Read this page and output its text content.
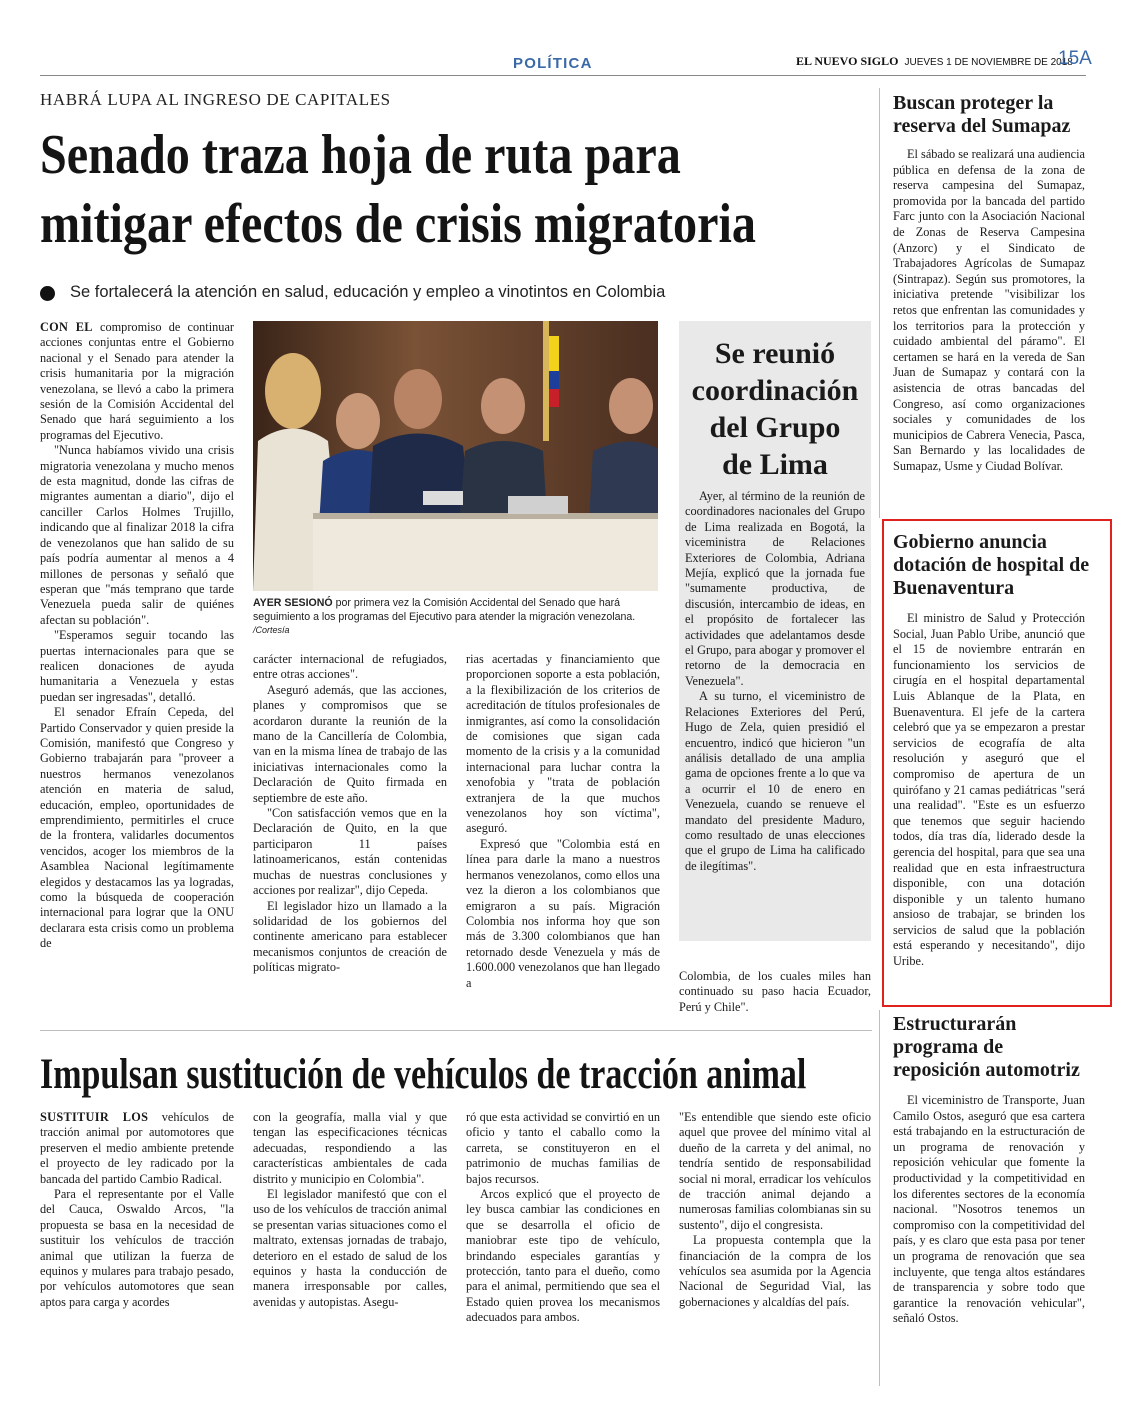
POLÍTICA	EL NUEVO SIGLO JUEVES 1 DE NOVIEMBRE DE 2018
15A
HABRÁ LUPA AL INGRESO DE CAPITALES
Senado traza hoja de ruta para
mitigar efectos de crisis migratoria
Se fortalecerá la atención en salud, educación y empleo a vinotintos en Colombia

CON EL compromiso de continuar acciones conjuntas entre el Gobierno nacional y el Senado para atender la crisis humanitaria por la migración venezolana, se llevó a cabo la primera sesión de la Comisión Accidental del Senado que hará seguimiento a los programas del Ejecutivo.

"Nunca habíamos vivido una crisis migratoria venezolana y mucho menos de esta magnitud, donde las cifras de migrantes aumentan a diario", dijo el canciller Carlos Holmes Trujillo, indicando que al finalizar 2018 la cifra de venezolanos que han salido de su país podría aumentar al menos a 4 millones de personas y señaló que esperan que "más temprano que tarde Venezuela pueda salir de quiénes afectan su población".

"Esperamos seguir tocando las puertas internacionales para que se realicen donaciones de ayuda humanitaria a Venezuela y estas puedan ser ingresadas", detalló.

El senador Efraín Cepeda, del Partido Conservador y quien preside la Comisión, manifestó que Congreso y Gobierno trabajarán para "proveer a nuestros hermanos venezolanos atención en materia de salud, educación, empleo, oportunidades de emprendimiento, permitirles el cruce de la frontera, validarles documentos vencidos, acoger los miembros de la Asamblea Nacional legítimamente elegidos y destacamos las ya logradas, como la búsqueda de cooperación internacional para lograr que la ONU declarara esta crisis como un problema de

AYER SESIONÓ por primera vez la Comisión Accidental del Senado que hará seguimiento a los programas del Ejecutivo para atender la migración venezolana. /Cortesía

carácter internacional de refugiados, entre otras acciones".

Aseguró además, que las acciones, planes y compromisos que se acordaron durante la reunión de la mano de la Cancillería de Colombia, van en la misma línea de trabajo de las iniciativas internacionales como la Declaración de Quito firmada en septiembre de este año.

"Con satisfacción vemos que en la Declaración de Quito, en la que participaron 11 países latinoamericanos, están contenidas muchas de nuestras conclusiones y acciones por realizar", dijo Cepeda.

El legislador hizo un llamado a la solidaridad de los gobiernos del continente americano para establecer mecanismos conjuntos de creación de políticas migrato-

rias acertadas y financiamiento que proporcionen soporte a esta población, a la flexibilización de los criterios de acreditación de títulos profesionales de inmigrantes, así como la consolidación de comisiones que sigan cada momento de la crisis y a la comunidad internacional para luchar contra la xenofobia y "trata de población extranjera de la que muchos venezolanos hoy son víctima", aseguró.

Expresó que "Colombia está en línea para darle la mano a nuestros hermanos venezolanos, como ellos una vez la dieron a los colombianos que emigraron a su país. Migración Colombia nos informa hoy que son más de 3.300 colombianos que han retornado desde Venezuela y más de 1.600.000 venezolanos que han llegado a

Se reunió
coordinación
del Grupo
de Lima

Ayer, al término de la reunión de coordinadores nacionales del Grupo de Lima realizada en Bogotá, la viceministra de Relaciones Exteriores de Colombia, Adriana Mejía, explicó que la jornada fue "sumamente productiva, de discusión, intercambio de ideas, en el propósito de fortalecer las actividades que adelantamos desde el Grupo, para abogar y promover el retorno de la democracia en Venezuela".

A su turno, el viceministro de Relaciones Exteriores del Perú, Hugo de Zela, quien presidió el encuentro, indicó que hicieron "un análisis detallado de una amplia gama de opciones frente a lo que va a ocurrir el 10 de enero en Venezuela, cuando se renueve el mandato del presidente Maduro, como resultado de unas elecciones que el grupo de Lima ha calificado de ilegítimas".

Colombia, de los cuales miles han continuado su paso hacia Ecuador, Perú y Chile".

Buscan proteger la reserva del Sumapaz

El sábado se realizará una audiencia pública en defensa de la zona de reserva campesina del Sumapaz, promovida por la bancada del partido Farc junto con la Asociación Nacional de Zonas de Reserva Campesina (Anzorc) y el Sindicato de Trabajadores Agrícolas de Sumapaz (Sintrapaz). Según sus promotores, la iniciativa pretende "visibilizar los retos que enfrentan las comunidades y los territorios para la protección y cuidado ambiental del páramo". El certamen se hará en la vereda de San Juan de Sumapaz y contará con la asistencia de otras bancadas del Congreso, así como organizaciones sociales y comunidades de los municipios de Cabrera Venecia, Pasca, San Bernardo y las localidades de Sumapaz, Usme y Ciudad Bolívar.

Gobierno anuncia dotación de hospital de Buenaventura

El ministro de Salud y Protección Social, Juan Pablo Uribe, anunció que el 15 de noviembre entrarán en funcionamiento los servicios de cirugía en el hospital departamental Luis Ablanque de la Plata, en Buenaventura. El jefe de la cartera celebró que ya se empezaron a prestar servicios de ecografía de alta resolución y aseguró que el compromiso de apertura de un quirófano y 21 camas pediátricas "será una realidad". "Este es un esfuerzo que tenemos que seguir haciendo todos, día tras día, liderado desde la gerencia del hospital, para que sea una realidad que en esta infraestructura disponible, con una dotación disponible y un talento humano ansioso de trabajar, se brinden los servicios de salud que la población está esperando y necesitando", dijo Uribe.

Estructurarán programa de reposición automotriz

El viceministro de Transporte, Juan Camilo Ostos, aseguró que esa cartera está trabajando en la estructuración de un programa de renovación y reposición vehicular que fomente la productividad y la competitividad en los diferentes sectores de la economía nacional. "Nosotros tenemos un compromiso con la competitividad del país, y es claro que esta pasa por tener un programa de renovación que sea incluyente, que tenga altos estándares de transparencia y sobre todo que garantice la renovación vehicular", señaló Ostos.

Impulsan sustitución de vehículos de tracción animal

SUSTITUIR LOS vehículos de tracción animal por automotores que preserven el medio ambiente pretende el proyecto de ley radicado por la bancada del partido Cambio Radical.

Para el representante por el Valle del Cauca, Oswaldo Arcos, "la propuesta se basa en la necesidad de sustituir los vehículos de tracción animal que utilizan la fuerza de equinos y mulares para trabajo pesado, por vehículos automotores que sean aptos para carga y acordes

con la geografía, malla vial y que tengan las especificaciones técnicas adecuadas, respondiendo a las características ambientales de cada distrito y municipio en Colombia".

El legislador manifestó que con el uso de los vehículos de tracción animal se presentan varias situaciones como el maltrato, extensas jornadas de trabajo, deterioro en el estado de salud de los equinos y hasta la conducción de manera irresponsable por calles, avenidas y autopistas. Asegu-

ró que esta actividad se convirtió en un oficio y tanto el caballo como la carreta, se constituyeron en el patrimonio de muchas familias de bajos recursos.

Arcos explicó que el proyecto de ley busca cambiar las condiciones en que se desarrolla el oficio de maniobrar este tipo de vehículo, brindando especiales garantías y protección, tanto para el dueño, como para el animal, permitiendo que sea el Estado quien provea los mecanismos adecuados para ambos.

"Es entendible que siendo este oficio aquel que provee del mínimo vital al dueño de la carreta y del animal, no tendría sentido de responsabilidad social ni moral, erradicar los vehículos de tracción animal dejando a numerosas familias colombianas sin su sustento", dijo el congresista.

La propuesta contempla que la financiación de la compra de los vehículos sea asumida por la Agencia Nacional de Seguridad Vial, las gobernaciones y alcaldías del país.
